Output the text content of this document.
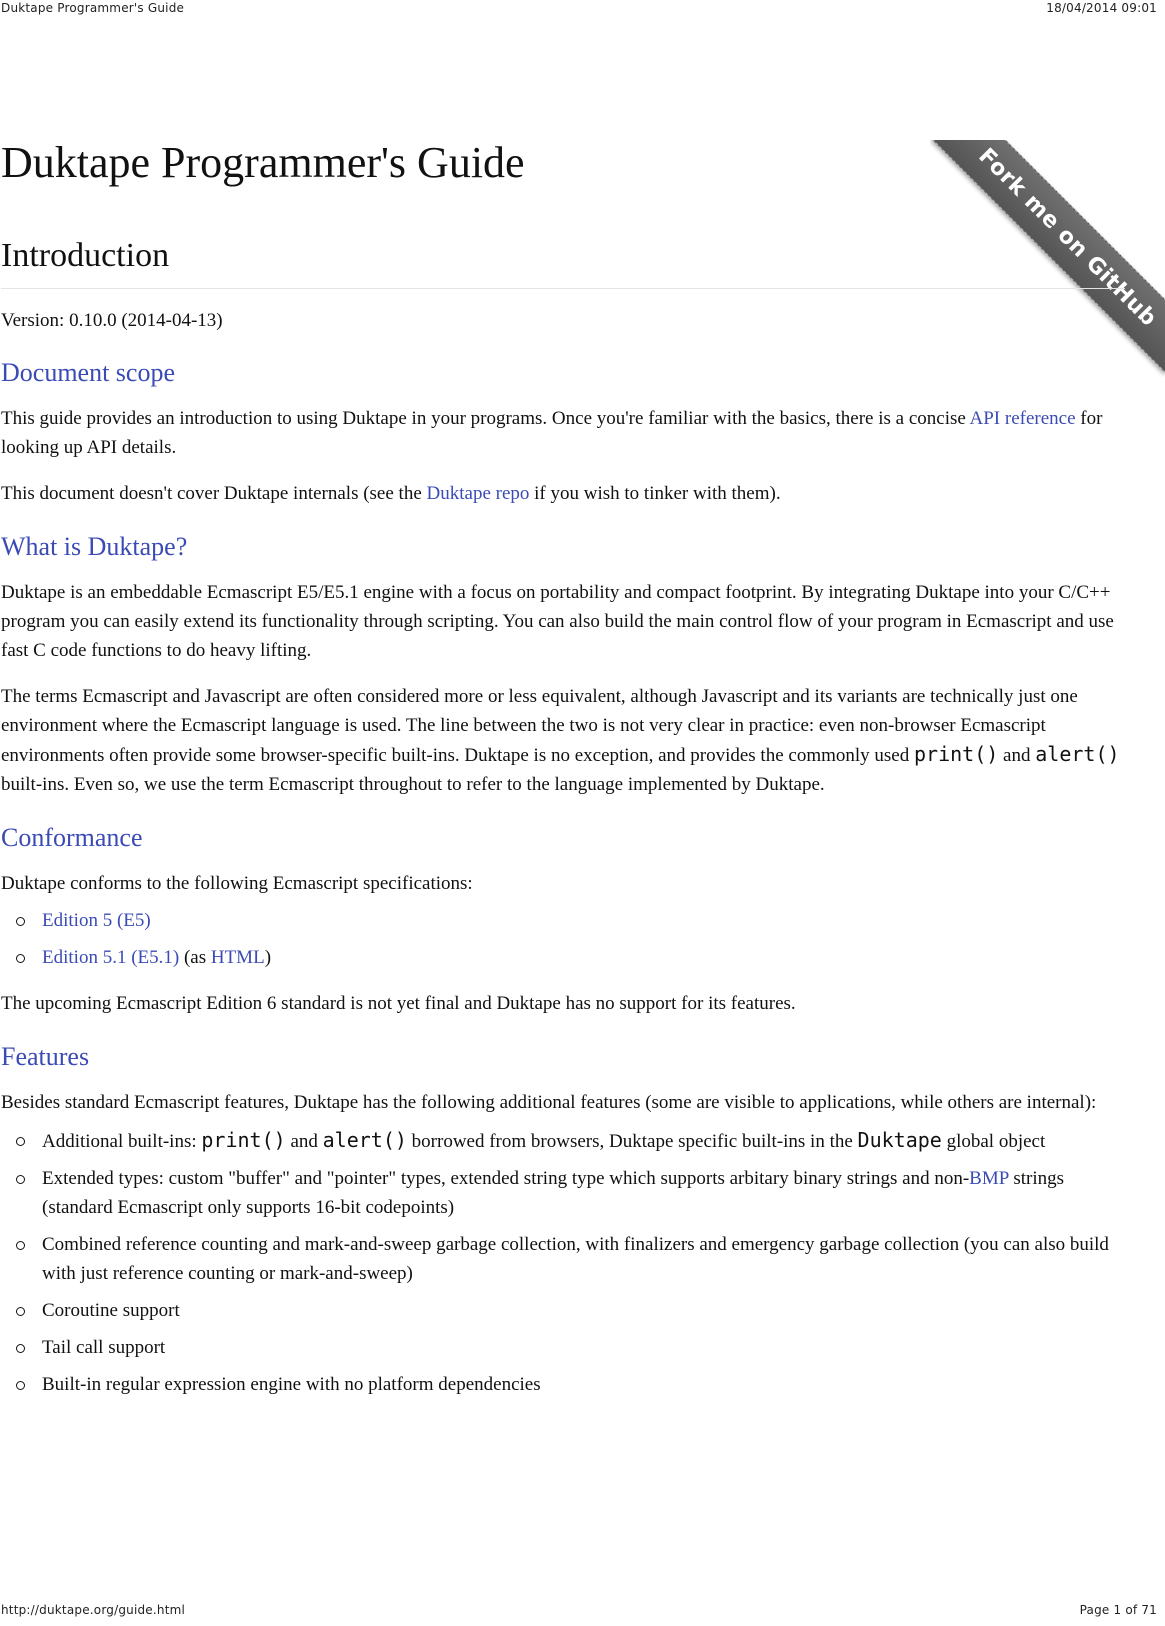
Duktape Programmer's Guide	18/04/2014 09:01
Fork me on GitHub
Duktape Programmer's Guide
Introduction

Version: 0.10.0 (2014-04-13)

Document scope

This guide provides an introduction to using Duktape in your programs. Once you're familiar with the basics, there is a concise API reference for looking up API details.

This document doesn't cover Duktape internals (see the Duktape repo if you wish to tinker with them).

What is Duktape?

Duktape is an embeddable Ecmascript E5/E5.1 engine with a focus on portability and compact footprint. By integrating Duktape into your C/C++ program you can easily extend its functionality through scripting. You can also build the main control flow of your program in Ecmascript and use fast C code functions to do heavy lifting.

The terms Ecmascript and Javascript are often considered more or less equivalent, although Javascript and its variants are technically just one environment where the Ecmascript language is used. The line between the two is not very clear in practice: even non-browser Ecmascript environments often provide some browser-specific built-ins. Duktape is no exception, and provides the commonly used print() and alert() built-ins. Even so, we use the term Ecmascript throughout to refer to the language implemented by Duktape.

Conformance

Duktape conforms to the following Ecmascript specifications:

Edition 5 (E5)
Edition 5.1 (E5.1) (as HTML)

The upcoming Ecmascript Edition 6 standard is not yet final and Duktape has no support for its features.

Features

Besides standard Ecmascript features, Duktape has the following additional features (some are visible to applications, while others are internal):

Additional built-ins: print() and alert() borrowed from browsers, Duktape specific built-ins in the Duktape global object
Extended types: custom "buffer" and "pointer" types, extended string type which supports arbitary binary strings and non-BMP strings (standard Ecmascript only supports 16-bit codepoints)
Combined reference counting and mark-and-sweep garbage collection, with finalizers and emergency garbage collection (you can also build with just reference counting or mark-and-sweep)
Coroutine support
Tail call support
Built-in regular expression engine with no platform dependencies
http://duktape.org/guide.html	Page 1 of 71
